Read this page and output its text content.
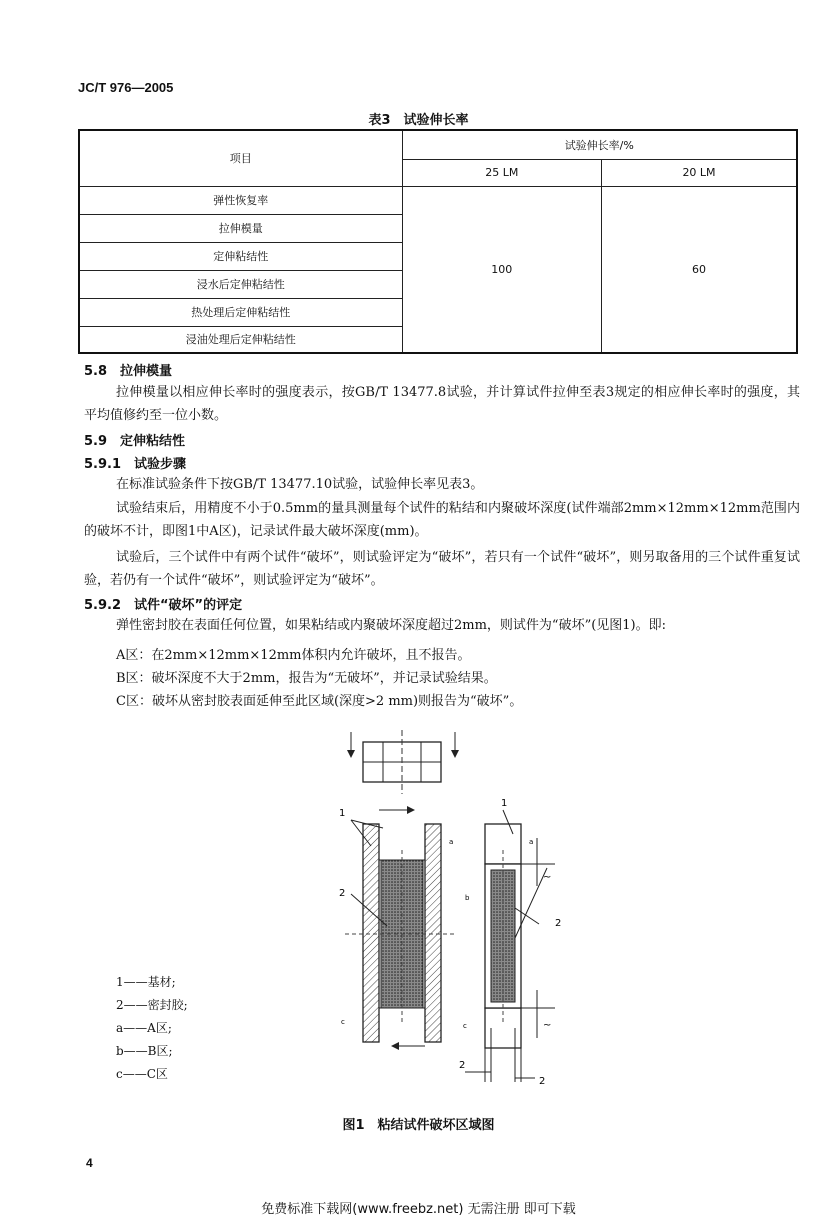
JC/T 976—2005
表3　试验伸长率
项目	试验伸长率/%	
	25 LM	20 LM
弹性恢复率	100	60
拉伸模量		
定伸粘结性		
浸水后定伸粘结性		
热处理后定伸粘结性		
浸油处理后定伸粘结性		
5.8　拉伸模量
拉伸模量以相应伸长率时的强度表示，按GB/T 13477.8试验，并计算试件拉伸至表3规定的相应伸长率时的强度，其平均值修约至一位小数。
5.9　定伸粘结性
5.9.1　试验步骤
在标准试验条件下按GB/T 13477.10试验，试验伸长率见表3。
试验结束后，用精度不小于0.5mm的量具测量每个试件的粘结和内聚破坏深度(试件端部2mm×12mm×12mm范围内的破坏不计，即图1中A区)，记录试件最大破坏深度(mm)。
试验后，三个试件中有两个试件“破坏”，则试验评定为“破坏”，若只有一个试件“破坏”，则另取备用的三个试件重复试验，若仍有一个试件“破坏”，则试验评定为“破坏”。
5.9.2　试件“破坏”的评定
弹性密封胶在表面任何位置，如果粘结或内聚破坏深度超过2mm，则试件为“破坏”(见图1)。即:
A区：在2mm×12mm×12mm体积内允许破坏，且不报告。
B区：破坏深度不大于2mm，报告为“无破坏”，并记录试验结果。
C区：破坏从密封胶表面延伸至此区域(深度>2 mm)则报告为“破坏”。
1
2
a
c
1
2
a
b
c
~
~
2
2
1——基材;
2——密封胶;
a——A区;
b——B区;
c——C区
图1　粘结试件破坏区域图
4
免费标准下载网(www.freebz.net) 无需注册 即可下载
